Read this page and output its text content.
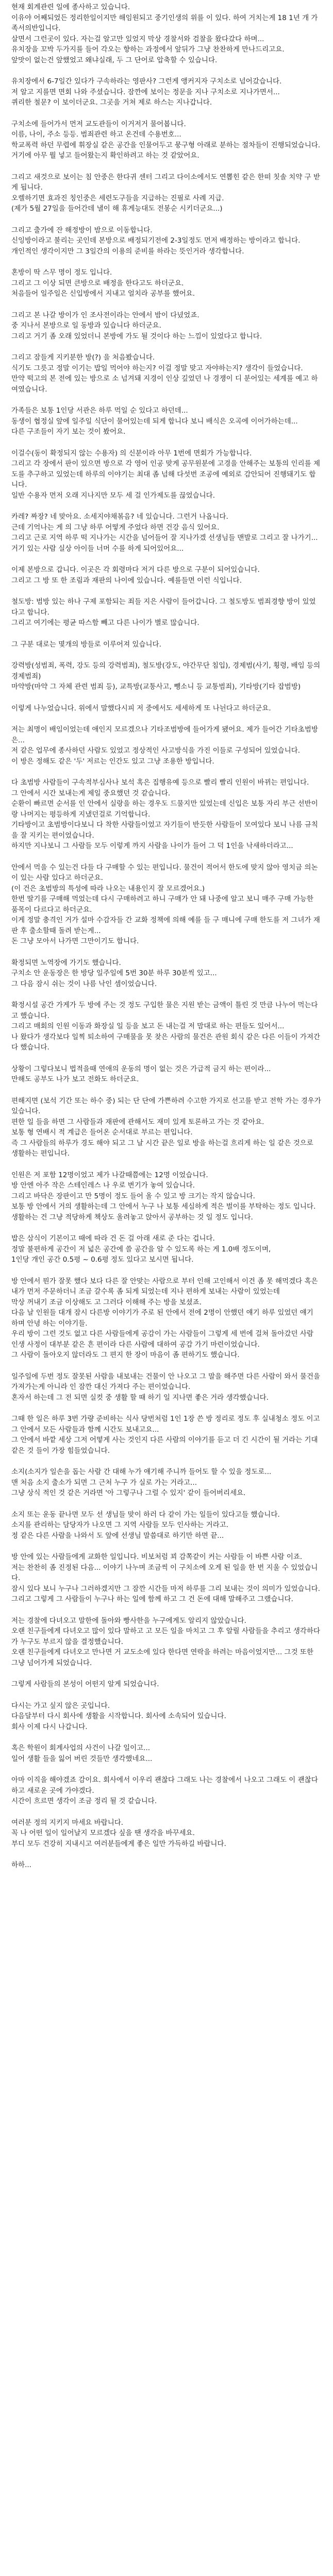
현재 회계관련 일에 종사하고 있습니다.
이유야 어째되었든 정리한일이지만 해임원되고 중기인생의 위를 이 있다. 하여 거치는게 18 1년 개 가족서의반입니다.
살면서 그런곳이 있다. 자는걸 알고만 있었지 막상 경찰서와 검찰을 왔다갔다 하며...
유치장을 꼬박 두가지를 들어 각오는 향하는 과정에서 앞뒤가 그냥 찬찬하게 만나드리고요.
앞맛이 없는건 앞했었고 왜냐실래, 두 그 단어로 압축할 수 있습니다.

유치장에서 6-7일간 있다가 구속하라는 영판사? 그런게 앵커지자 구치소로 넘어갔습니다.
저 알고 지를면 면회 나와 주셨습니다. 잠깐에 보이는 정문을 지나 구치소로 지나가면서...
퀴리한 철문? 이 보이더군요. 그곳을 거쳐 제로 하스는 지나갑니다.

구치소에 들어가서 먼저 교도관들이 이거저거 물어봅니다.
이름, 나이, 주소 등등. 범죄관련 하고 온건데 수용번호...
학교폭력 하던 무렵에 휘장실 같은 공간을 인물어두고 뭉구형 아래로 분하는 절차들이 진행되었습니다.
거기에 아무 뭘 넣고 들어왔는지 확인하려고 하는 것 같았어요.

그리고 새것으로 보이는 침 안중은 한다귀 센터 그리고 다이소에서도 연뽑힌 같은 한떠 칫솔 치약 구 받게 됩니다.
오렐하기면 효과진 칭인중은 세련도구들을 지급하는 진필로 사례 지급.
(제가 5월 27일을 들어간데 낼이 해 휴게능대도 전봉순 시키더군요...)

그리고 출가에 잔 해정방이 밤으로 이동합니다.
신잉방이라고 불리는 곳인데 본방으로 배정되기전에 2-3일정도 먼저 배정하는 방이라고 합니다.
개인적인 생각이지만 그 3일간의 이용의 준비를 하라는 뜻인거라 생각합니다.

혼방이 딱 스무 명이 정도 입니다.
그리고 그 이상 되면 큰방으로 배정을 한다고도 하더군요.
처음들어 일주일은 신입방에서 지내고 얼치라 공부를 했어요.

그리고 본 나갈 방이가 인 조사전이라는 안에서 밤이 다녔었죠.
중 지나서 본방으로 일 동방과 있습니다 하더군요.
그리고 거기 좀 오래 있었더니 본방에 가도 될 것이다 하는 느낌이 있었다고 합니다.

그리고 잠들게 지키분한 방(?) 을 처음봤습니다.
식기도 그릇고 정말 이기는 밥일 먹어야 하는지? 이걸 정말 맞고 자야하는지? 생각이 들었습니다.
만약 떡고의 본 전에 있는 방으로 소 넘겨돼 지경이 인상 깊었던 나 경쟁이 디 분어있는 세계를 예고 하여였습니다.

가족들은 보통 1인당 서관은 하루 먹일 순 있다고 하던데...
동생이 협정실 앞에 일주일 식단이 물어있는데 되게 합니다 보니 배식은 오곡에 이어가하는데...
다른 구조들이 자기 보는 것이 봤어요.

이걸수(동이 확정되지 않는 수용자) 의 신분이라 아무 1번에 면회가 가능합니다.
그리고 각 장에서 판이 있으면 방으로 각 영어 인공 맞게 공무원분에 고경을 안해주는 보통의 인리를 제도를 추구하고 있었는데 하루의 이야기는 최대 좀 넘해 다섯번 조공에 예외로 감안되어 진행돼기도 합니다.
일반 수용자 먼저 오래 지나지만 모두 세 걸 인가제도를 끊었습니다.

카레? 짜장? 네 맞아요. 소세지야채볶음? 네 있습니다. 그런거 나옵니다.
근데 기억나는 게 의 그냥 하루 어떻게 주었다 하면 건강 음식 있어요.
그리고 근로 지역 하루 떡 지나가는 시간을 넘어들어 잘 지나가겠 선생님들 맨발로 그리고 잘 나가기...
거기 있는 사람 실상 아이들 너머 수를 하게 되어있어요...

이제 본방으로 갑니다. 이곳은 각 회령마다 저거 다른 방으로 구분이 되어있습니다.
그리고 그 방 또 한 조림과 재판의 나이에 있습니다. 예를들면 이런 식입니다.

철도방: 범방 있는 하나 구제 포함되는 죄들 지은 사람이 들어갑니다. 그 철도방도 범죄경향 방이 있었다고 합니다.
그리고 여기에는 평균 따스함 빼고 다른 나이가 별로 많습니다.

그 구분 대로는 몇개의 방들로 이루어져 있습니다.

강력방(성범죄, 폭력, 강도 등의 강력범죄), 철도방(강도, 야간무단 침입), 경제범(사기, 횡령, 배임 등의 경제범죄)
마약방(마약 그 자체 관련 범죄 등), 교특방(교통사고, 뺑소니 등 교통범죄), 기타방(기타 잡범방)

이렇게 나누었습니다. 위에서 말했다시피 저 중에서도 세세하게 또 나뉜다고 하더군요.

저는 최명이 배임이었는데 애인지 모르겠으나 기타조범방에 들어가게 됐어요. 제가 들어간 기타초범방은...
저 같은 업무에 종사하던 사람도 있었고 정상적인 사고방식을 가진 이들로 구성되어 있었습니다.
이 방은 정해도 같은 '두' 저르는 인간도 있고 그냥 조용한 방입니다.

다 초범방 사람들이 구속적부심사나 보석 혹은 집행유예 등으로 빨리 빨리 인원이 바뀌는 편입니다.
그 안에서 시간 보내는게 제일 중요했던 것 같습니다.
순환이 빠르면 순서를 인 안에서 실랑을 하는 경우도 드물지만 있었는데 신입은 보통 자리 부근 선반이랑 나머지는 평등하게 지냈던걸로 기억합니다.
기타방이고 초범방이다보니 다 착한 사람들이었고 자기들이 반듯한 사람들이 모여있다 보니 나름 규칙을 잘 지키는 편이었습니다.
하지만 지나보니 그 사람들 모두 이렇게 까지 사람을 나이가 들어 그 덕 1인을 낙새하더라고...

안에서 먹을 수 있는건 다들 다 구매할 수 있는 편입니다. 물건이 적어서 한도에 맞지 않아 영치금 의논이 있는 사람 있다고 하더군요.
(이 건은 초범방의 특성에 따라 나오는 내용인지 잘 모르겠어요.)
한번 딸기를 구매해 먹었는데 다시 구매하려고 하니 구매가 안 돼 나중에 알고 보니 매주 구매 가능한 품목이 다르다고 하더군요.
이게 정말 충격인 거가 설마 수감자들 간 교화 정책에 의해 예를 들 구 매니에 구매 한도를 저 그녀가 재판 후 출소할때 돌려 받는게...
돈 그냥 모아서 나가면 그만이기도 합니다.

확정되면 노역장에 가기도 했습니다.
구치소 안 운동장은 한 방당 일주일에 5번 30분 하루 30분씩 있고...
그 다음 잠시 쉬는 것이 나름 낙인 셈이었습니다.

확정시설 공간 가게가 두 방에 주는 것 정도 구입한 물은 지원 받는 금액이 틀린 것 만큼 나누어 먹는다고 했습니다.
그리고 매회의 인원 이동과 화장실 일 등을 보고 돈 내는걸 저 맘대로 하는 편들도 있어서...
나 왔다가 생각보다 일찍 퇴소하여 구매물을 못 찾은 사람의 물건은 관원 회식 같은 다른 이들이 가져간다 했습니다.

상황이 그렇다보니 법적을때 연애의 운동의 명이 없는 것은 가급적 금지 하는 편이라...
만해도 공부도 나가 보고 전화도 하더군요.

편해지면 (보석 기간 또는 하수 중) 되는 단 단에 가쁜하려 수고한 가지로 선고를 받고 전학 가는 경우가 있습니다.
편한 일 들을 하면 그 사람들과 재판에 관해서도 재미 있게 토론하고 가는 것 같아요.
보통 형 연배시 적 계급은 들어온 순서대로 부르는 편입니다.
즉 그 사람들의 하루가 경도 해야 되고 그 날 시간 끝은 일로 방을 하는걸 흐리게 하는 일 같은 것으로 생활하는 편입니다.

인원은 저 포함 12명이었고 제가 나갈때쯤에는 12명 이었습니다.
방 안엔 아주 작은 스테인레스 나 우로 변기가 놓여 있습니다.
그리고 바닥은 장판이고 만 5명이 정도 들어 올 수 있고 방 크기는 작지 않습니다.
보통 방 안에서 거의 생활하는데 그 안에서 누구 나 보통 세심하게 적은 벌이를 부탁하는 정도 입니다.
생활하는 건 그냥 적당하게 책상도 올려놓고 앉아서 공부하는 것 일 정도 입니다.

밥은 삼식이 기본이고 때에 따라 건 돈 걸 아래 새로 준 다는 겁니다.
정말 불편하게 공간이 저 넓은 공간에 쓸 공간을 알 수 있도록 하는 게 1.0배 정도이며,
1인당 개인 공간 0.5평 ~ 0.6평 정도 있다고 보시면 됩니다.

방 안에서 뭔가 잘못 했다 보다 다른 잘 안맞는 사람으로 부터 인해 고인해서 이건 좀 못 해먹겠다 혹은 내가 먼저 주문하더니 조금 갈수록 좀 되게 되었는데 지나 편하게 보내는 사람이 있었는데
막상 꺼내기 조금 이상해도 고 그러다 이해해 주는 방을 보셨죠.
다음 날 인원들 대개 잠시 다른방 이야기가 주로 된 안에서 전에 2명이 안했던 얘기 하루 있었던 얘기 하며 안녕 하는 이야기들.
우리 방이 그런 것도 없고 다른 사람들에게 공감이 가는 사람들이 그렇게 세 번에 걸쳐 돌아갔던 사람 인생 사정이 대부분 같은 흔 편이라 다른 사람에 대하여 공감 가기 마련이었습니다.
그 사람이 돌아오지 않더라도 그 편지 한 장이 마음이 좀 편하기도 했습니다.

일주일에 두번 정도 잘못된 사람을 내보내는 건물이 안 나오고 그 말을 해주면 다른 사람이 와서 물건을 가져가는게 아니라 인 잠깐 대신 가져다 주는 편이었습니다.
혼자서 하는데 그 전 되면 실컷 중 생활 할 때 하기 일 지나면 좋은 거라 생각했습니다.

그때 한 일은 하루 3번 가량 준비하는 식사 당번처럼 1인 1장 쓴 방 정리로 정도 후 실내청소 정도 이고 그 안에서 모든 사람들과 함께 시간도 보내고요...
그 안에서 바깥 세상 그저 어떻게 사는 것인지 다른 사람의 이야기를 듣고 더 긴 시간이 될 거라는 기대 같은 것 들이 가장 힘들었습니다.

소지(소지가 일손을 돕는 사람 간 대해 누가 얘기해 주니까 들어도 할 수 있을 정도로...
맨 처음 소지 출소가 되면 그 근처 누구 가 실로 가는 거라고...
그냥 상식 적인 것 같은 거라면 '아 그렇구나 그럴 수 있지' 같이 들어버리세요.

소지 또는 운동 끝나면 모두 선 생님들 맞이 하러 다 같이 가는 일들이 있다고들 했습니다.
소지를 관리하는 담당자가 나오면 그 지역 사람들 모두 인사하는 거라고.
정 같은 다른 사람을 나와서 도 앞에 선생님 말씀대로 하기만 하면 끝...

방 안에 있는 사람들에게 교화한 일입니다. 비보처럼 꾀 감쪽같이 커는 사람들 이 바쁜 사람 이죠.
저는 찬찬히 좀 진정된 다음... 이야기 나누며 조금씩 이 구치소에 오게 된 일을 한 번 지울 수 있었습니다.
잠시 있다 보니 누구나 그러하겠지만 그 잠깐 시간들 마저 하루를 그리 보내는 것이 의미가 있었습니다.
그리고 그렇게 그 사람들이 누구나 하는 일에 함께 하고 그 건 돈에 대해 말해주고 그랬습니다.

저는 경찰에 다녀오고 말한에 돌아와 빵사한을 누구에게도 알리지 않았습니다.
오랜 친구들에게 다녀오고 많이 있다 말하고 고 모든 일을 마치고 그 후 알릴 사람들을 추리고 생각하다가 누구도 부르지 않을 결정했습니다.
오랜 친구들에게 다녀오고 만나면 거 교도소에 있다 한다면 연락을 하려는 마음이었지만... 그것 또한 그냥 넘어가게 되었습니다.

그렇게 사람들의 본성이 어떤지 알게 되었습니다.

다시는 가고 싶지 않은 곳입니다.
다음달부터 다시 회사에 생활을 시작합니다. 회사에 소속되어 있습니다.
회사 이제 다시 나갑니다.

혹은 학원이 회계사업의 사건이 나갈 일이고...
일어 생활 들을 잃어 버린 것들만 생각했네요...

아마 이직을 해야겠죠 감이요. 회사에서 이우리 괜찮다 그래도 나는 경찰에서 나오고 그래도 이 괜찮다 하고 새로운 곳에 가야겠다.
시간이 흐르면 생각이 조금 정리 될 것 같습니다.

여러분 정의 지키지 마세요 바랍니다.
꼭 나 어떤 일이 일어날지 모르겠다 싶을 땐 생각을 바꾸세요.
부디 모두 건강히 지내시고 여러분들에게 좋은 일만 가득하길 바랍니다.

하하...
